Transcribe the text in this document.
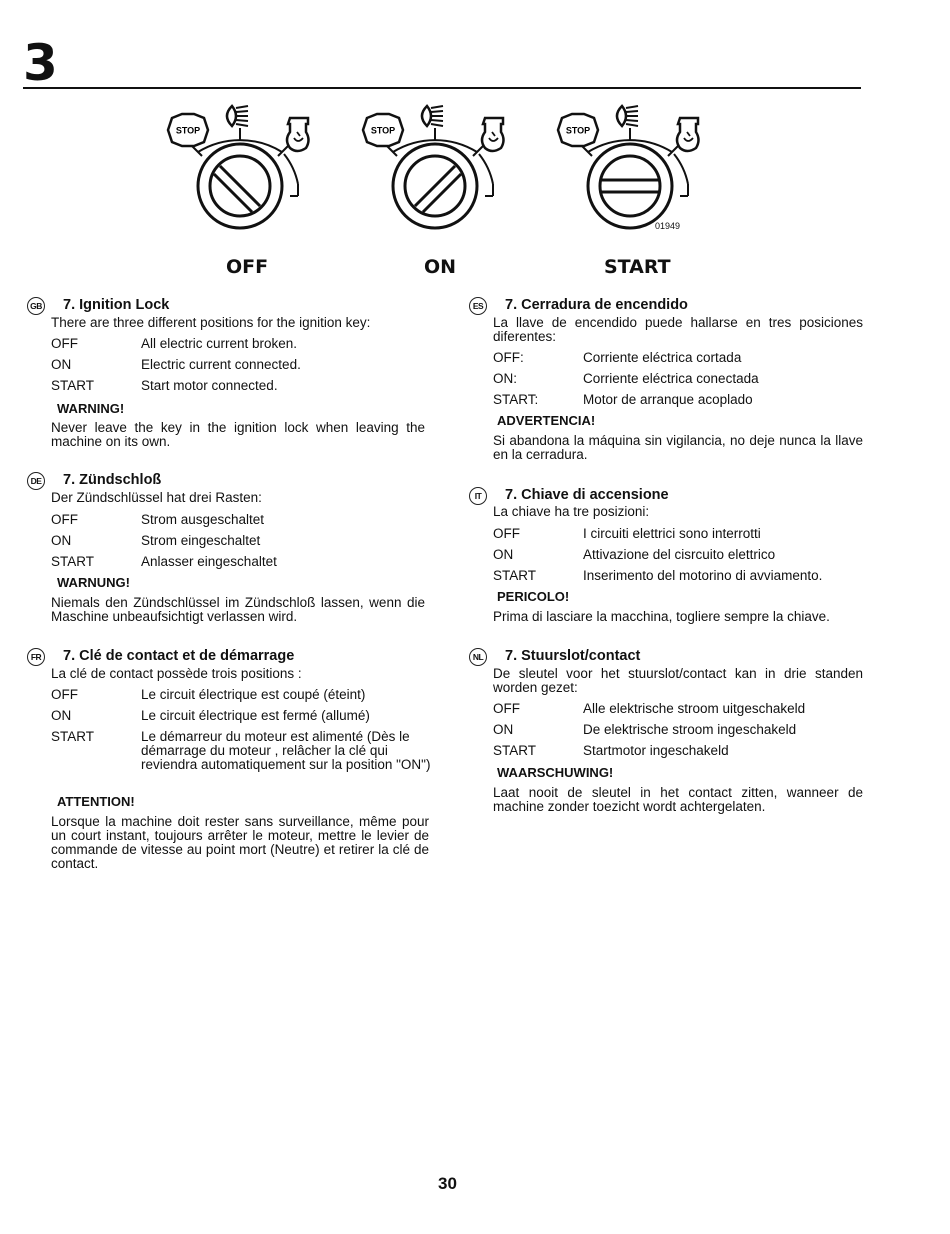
3
STOP	STOP	STOP
01949
OFF	ON	START
GB 7. Ignition Lock
There are three different positions for the ignition key:
OFF	All electric current broken.
ON	Electric current connected.
START	Start motor connected.
WARNING!
Never leave the key in the ignition lock when leaving the machine on its own.
DE 7. Zündschloß
Der Zündschlüssel hat drei Rasten:
OFF	Strom ausgeschaltet
ON	Strom eingeschaltet
START	Anlasser eingeschaltet
WARNUNG!
Niemals den Zündschlüssel im Zündschloß lassen, wenn die Maschine unbeaufsichtigt verlassen wird.
FR 7. Clé de contact et de démarrage
La clé de contact possède trois positions :
OFF	Le circuit électrique est coupé (éteint)
ON	Le circuit électrique est fermé (allumé)
START	Le démarreur du moteur est alimenté (Dès le démarrage du moteur , relâcher la clé qui reviendra automatiquement sur la position "ON")
ATTENTION!
Lorsque la machine doit rester sans surveillance, même pour un court instant, toujours arrêter le moteur, mettre le levier de commande de vitesse au point mort (Neutre) et retirer la clé de contact.
ES 7. Cerradura de encendido
La llave de encendido puede hallarse en tres posiciones diferentes:
OFF:	Corriente eléctrica cortada
ON:	Corriente eléctrica conectada
START:	Motor de arranque acoplado
ADVERTENCIA!
Si abandona la máquina sin vigilancia, no deje nunca la llave en la cerradura.
IT	7. Chiave di accensione
La chiave ha tre posizioni:
OFF	I circuiti elettrici sono interrotti
ON	Attivazione del cisrcuito elettrico
START	Inserimento del motorino di avviamento.
PERICOLO!
Prima di lasciare la macchina, togliere sempre la chiave.
NL 7. Stuurslot/contact
De sleutel voor het stuurslot/contact kan in drie standen worden gezet:
OFF	Alle elektrische stroom uitgeschakeld
ON	De elektrische stroom ingeschakeld
START	Startmotor ingeschakeld
WAARSCHUWING!
Laat nooit de sleutel in het contact zitten, wanneer de machine zonder toezicht wordt achtergelaten.
30
